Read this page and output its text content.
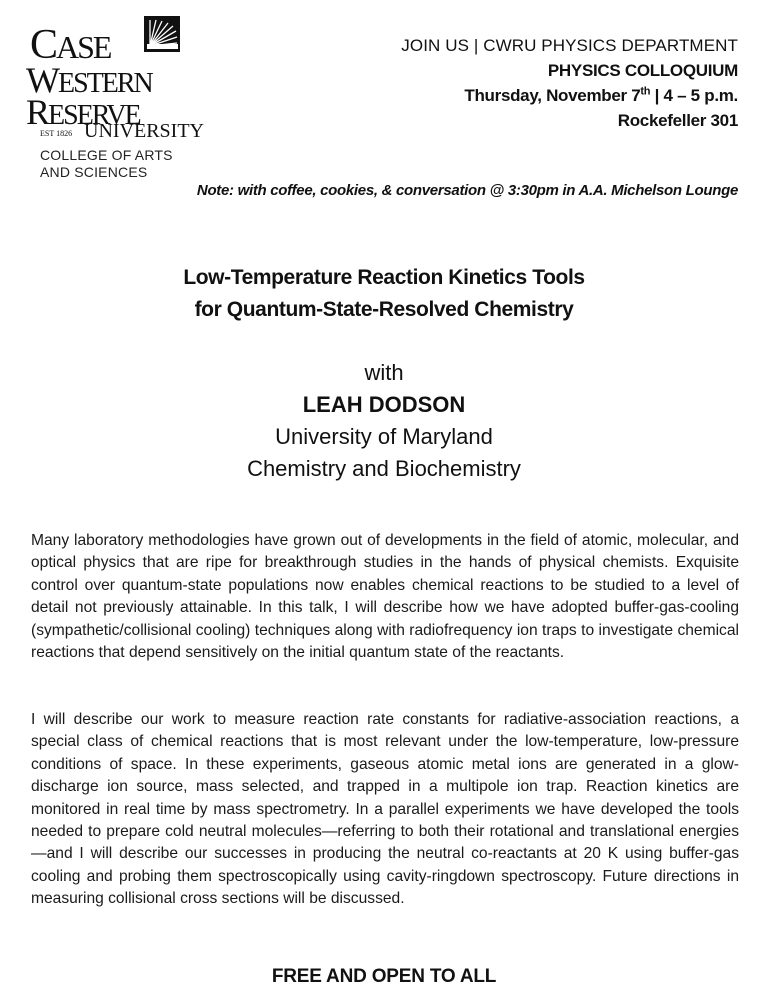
CASE
WESTERN
RESERVE
EST 1826 UNIVERSITY
COLLEGE OF ARTS
AND SCIENCES
JOIN US | CWRU PHYSICS DEPARTMENT
PHYSICS COLLOQUIUM
Thursday, November 7th | 4 – 5 p.m.
Rockefeller 301
Note: with coffee, cookies, & conversation @ 3:30pm in A.A. Michelson Lounge
Low-Temperature Reaction Kinetics Tools
for Quantum-State-Resolved Chemistry
with
LEAH DODSON
University of Maryland
Chemistry and Biochemistry

Many laboratory methodologies have grown out of developments in the field of atomic, molecular, and optical physics that are ripe for breakthrough studies in the hands of physical chemists. Exquisite control over quantum-state populations now enables chemical reactions to be studied to a level of detail not previously attainable. In this talk, I will describe how we have adopted buffer-gas-cooling (sympathetic/collisional cooling) techniques along with radiofrequency ion traps to investigate chemical reactions that depend sensitively on the initial quantum state of the reactants.

I will describe our work to measure reaction rate constants for radiative-association reactions, a special class of chemical reactions that is most relevant under the low-temperature, low-pressure conditions of space. In these experiments, gaseous atomic metal ions are generated in a glow-discharge ion source, mass selected, and trapped in a multipole ion trap. Reaction kinetics are monitored in real time by mass spectrometry. In a parallel experiments we have developed the tools needed to prepare cold neutral molecules—referring to both their rotational and translational energies—and I will describe our successes in producing the neutral co-reactants at 20 K using buffer-gas cooling and probing them spectroscopically using cavity-ringdown spectroscopy. Future directions in measuring collisional cross sections will be discussed.

FREE AND OPEN TO ALL
